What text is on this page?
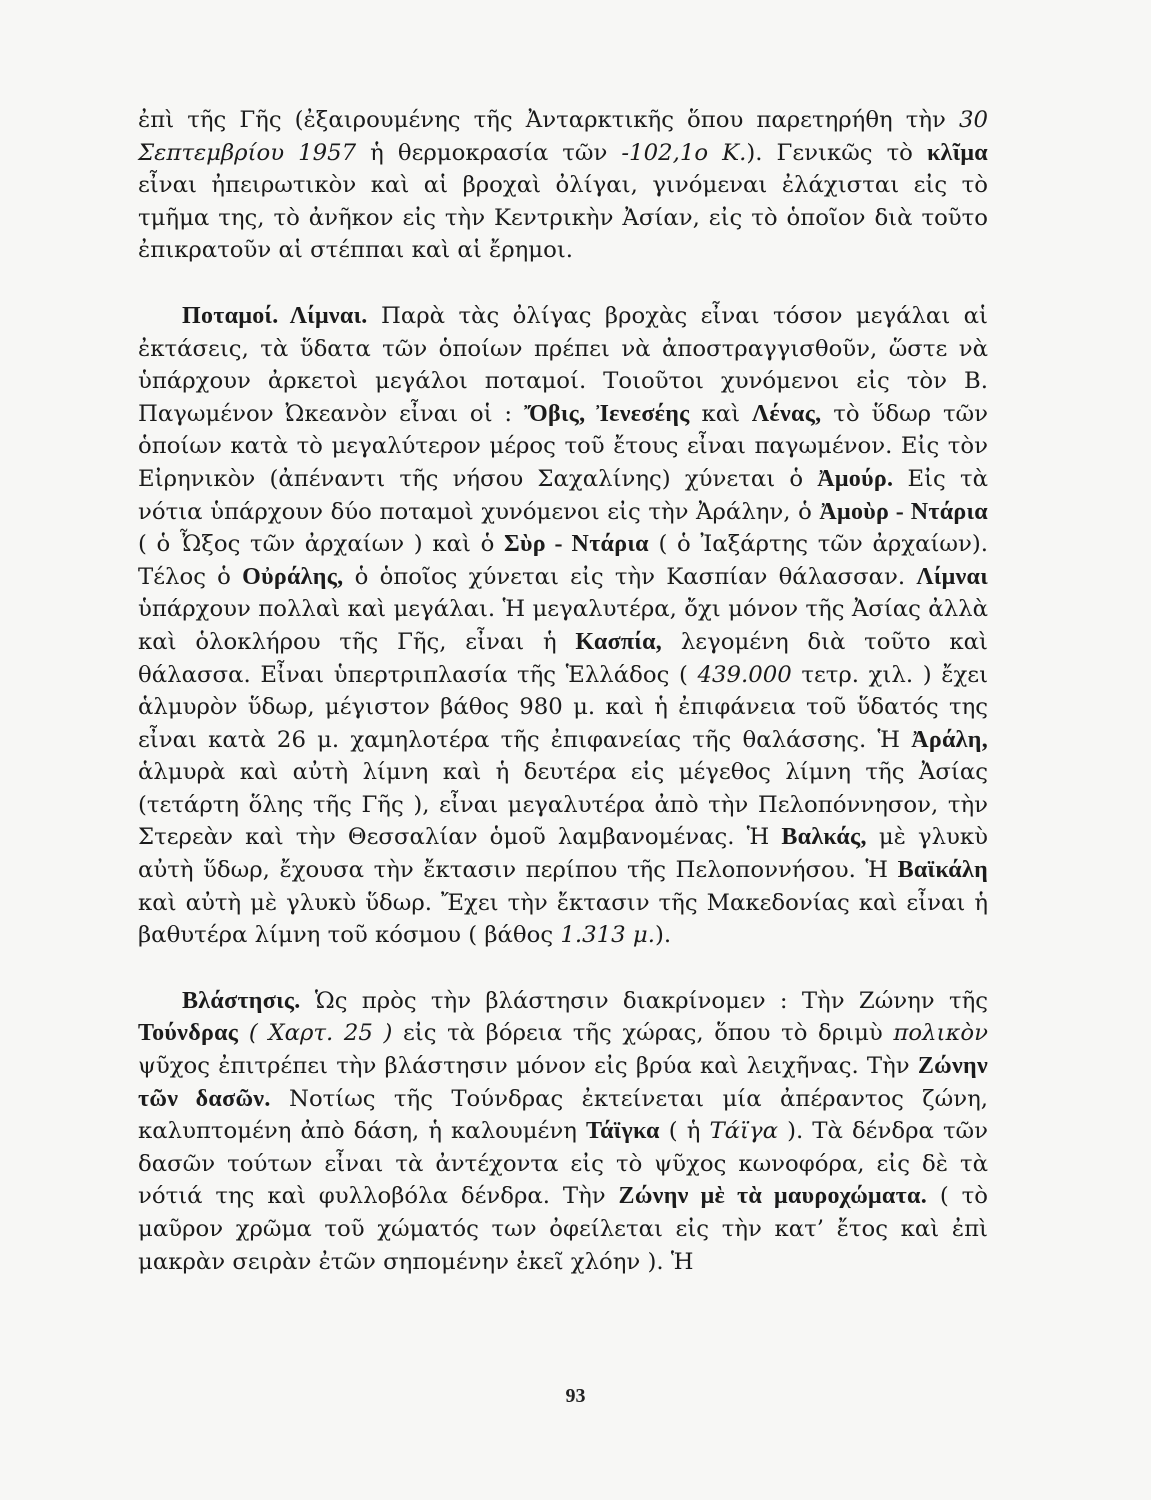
ἐπὶ τῆς Γῆς (ἐξαιρουμένης τῆς Ἀνταρκτικῆς ὅπου παρετηρήθη τὴν 30 Σεπτεμβρίου 1957 ἡ θερμοκρασία τῶν -102,1ο Κ.). Γενικῶς τὸ κλῖμα εἶναι ἠπειρωτικὸν καὶ αἱ βροχαὶ ὀλίγαι, γινόμεναι ἐλάχισται εἰς τὸ τμῆμα της, τὸ ἀνῆκον εἰς τὴν Κεντρικὴν Ἀσίαν, εἰς τὸ ὁποῖον διὰ τοῦτο ἐπικρατοῦν αἱ στέππαι καὶ αἱ ἔρημοι.

Ποταμοί. Λίμναι. Παρὰ τὰς ὀλίγας βροχὰς εἶναι τόσον μεγάλαι αἱ ἐκτάσεις, τὰ ὕδατα τῶν ὁποίων πρέπει νὰ ἀποστραγγισθοῦν, ὥστε νὰ ὑπάρχουν ἀρκετοὶ μεγάλοι ποταμοί. Τοιοῦτοι χυνόμενοι εἰς τὸν Β. Παγωμένον Ὠκεανὸν εἶναι οἱ : Ὄβις, Ἰενεσέης καὶ Λένας, τὸ ὕδωρ τῶν ὁποίων κατὰ τὸ μεγαλύτερον μέρος τοῦ ἔτους εἶναι παγωμένον. Εἰς τὸν Εἰρηνικὸν (ἀπέναντι τῆς νήσου Σαχαλίνης) χύνεται ὁ Ἀμούρ. Εἰς τὰ νότια ὑπάρχουν δύο ποταμοὶ χυνόμενοι εἰς τὴν Ἀράλην, ὁ Ἀμοὺρ - Ντάρια ( ὁ Ὦξος τῶν ἀρχαίων ) καὶ ὁ Σὺρ - Ντάρια ( ὁ Ἰαξάρτης τῶν ἀρχαίων). Τέλος ὁ Οὐράλης, ὁ ὁποῖος χύνεται εἰς τὴν Κασπίαν θάλασσαν. Λίμναι ὑπάρχουν πολλαὶ καὶ μεγάλαι. Ἡ μεγαλυτέρα, ὄχι μόνον τῆς Ἀσίας ἀλλὰ καὶ ὁλοκλήρου τῆς Γῆς, εἶναι ἡ Κασπία, λεγομένη διὰ τοῦτο καὶ θάλασσα. Εἶναι ὑπερτριπλασία τῆς Ἑλλάδος ( 439.000 τετρ. χιλ. ) ἔχει ἁλμυρὸν ὕδωρ, μέγιστον βάθος 980 μ. καὶ ἡ ἐπιφάνεια τοῦ ὕδατός της εἶναι κατὰ 26 μ. χαμηλοτέρα τῆς ἐπιφανείας τῆς θαλάσσης. Ἡ Ἀράλη, ἁλμυρὰ καὶ αὐτὴ λίμνη καὶ ἡ δευτέρα εἰς μέγεθος λίμνη τῆς Ἀσίας (τετάρτη ὅλης τῆς Γῆς ), εἶναι μεγαλυτέρα ἀπὸ τὴν Πελοπόννησον, τὴν Στερεὰν καὶ τὴν Θεσσαλίαν ὁμοῦ λαμβανομένας. Ἡ Βαλκάς, μὲ γλυκὺ αὐτὴ ὕδωρ, ἔχουσα τὴν ἔκτασιν περίπου τῆς Πελοποννήσου. Ἡ Βαϊκάλη καὶ αὐτὴ μὲ γλυκὺ ὕδωρ. Ἔχει τὴν ἔκτασιν τῆς Μακεδονίας καὶ εἶναι ἡ βαθυτέρα λίμνη τοῦ κόσμου ( βάθος 1.313 μ.).

Βλάστησις. Ὡς πρὸς τὴν βλάστησιν διακρίνομεν : Τὴν Ζώνην τῆς Τούνδρας ( Χαρτ. 25 ) εἰς τὰ βόρεια τῆς χώρας, ὅπου τὸ δριμὺ πολικὸν ψῦχος ἐπιτρέπει τὴν βλάστησιν μόνον εἰς βρύα καὶ λειχῆνας. Τὴν Ζώνην τῶν δασῶν. Νοτίως τῆς Τούνδρας ἐκτείνεται μία ἀπέραντος ζώνη, καλυπτομένη ἀπὸ δάση, ἡ καλουμένη Τάϊγκα ( ἡ Τάϊγα ). Τὰ δένδρα τῶν δασῶν τούτων εἶναι τὰ ἀντέχοντα εἰς τὸ ψῦχος κωνοφόρα, εἰς δὲ τὰ νότιά της καὶ φυλλοβόλα δένδρα. Τὴν Ζώνην μὲ τὰ μαυροχώματα. ( τὸ μαῦρον χρῶμα τοῦ χώματός των ὀφείλεται εἰς τὴν κατ’ ἔτος καὶ ἐπὶ μακρὰν σειρὰν ἐτῶν σηπομένην ἐκεῖ χλόην ). Ἡ

93
